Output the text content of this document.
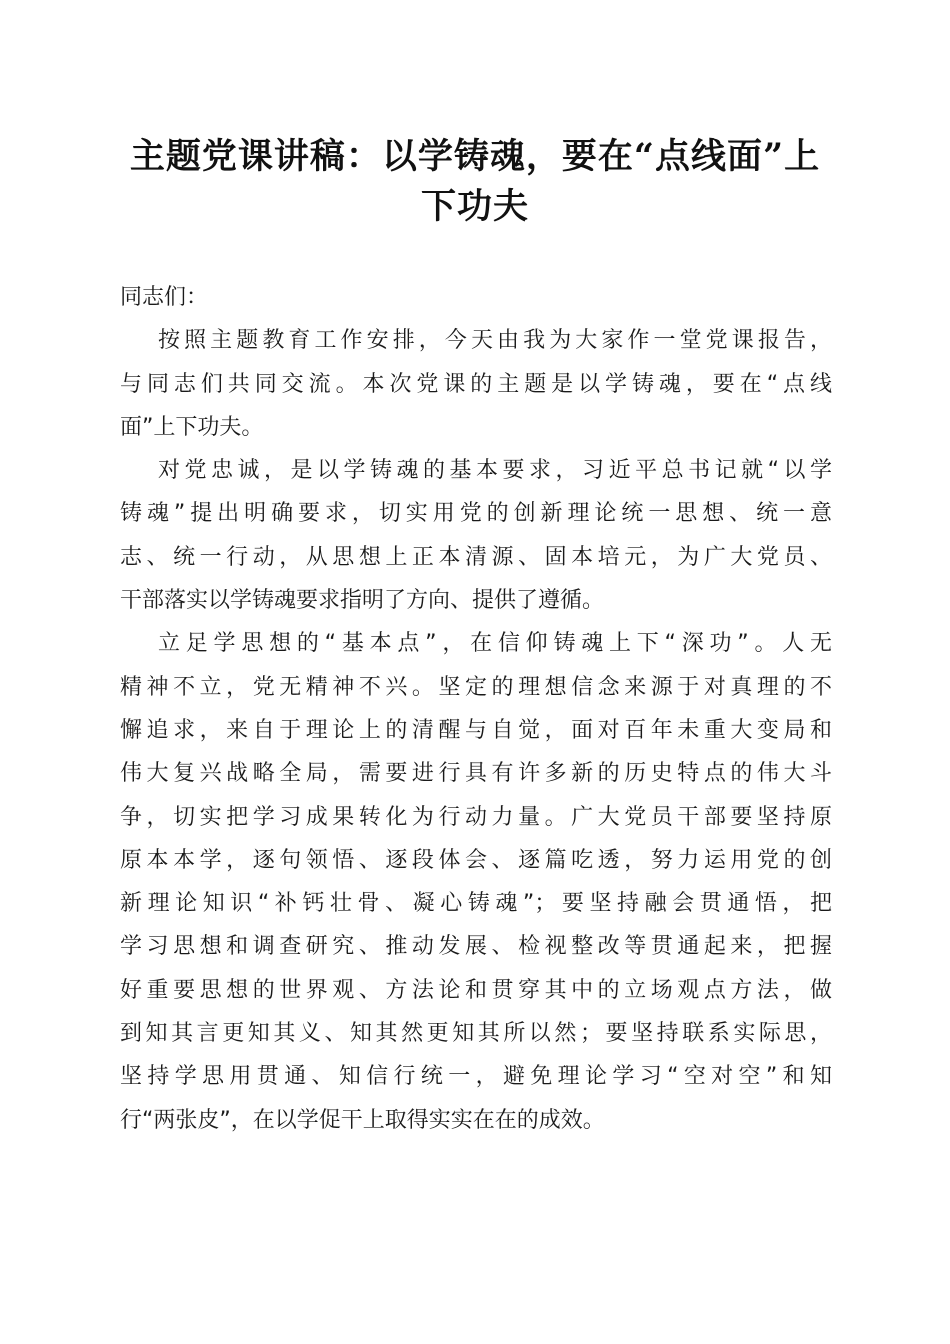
主题党课讲稿：以学铸魂，要在“点线面”上
下功夫
同志们：
按照主题教育工作安排，今天由我为大家作一堂党课报告，
与同志们共同交流。本次党课的主题是以学铸魂，要在“点线
面”上下功夫。
对党忠诚，是以学铸魂的基本要求，习近平总书记就“以学
铸魂”提出明确要求，切实用党的创新理论统一思想、统一意
志、统一行动，从思想上正本清源、固本培元，为广大党员、
干部落实以学铸魂要求指明了方向、提供了遵循。
立足学思想的“基本点”，在信仰铸魂上下“深功”。人无
精神不立，党无精神不兴。坚定的理想信念来源于对真理的不
懈追求，来自于理论上的清醒与自觉，面对百年未重大变局和
伟大复兴战略全局，需要进行具有许多新的历史特点的伟大斗
争，切实把学习成果转化为行动力量。广大党员干部要坚持原
原本本学，逐句领悟、逐段体会、逐篇吃透，努力运用党的创
新理论知识“补钙壮骨、凝心铸魂”；要坚持融会贯通悟，把
学习思想和调查研究、推动发展、检视整改等贯通起来，把握
好重要思想的世界观、方法论和贯穿其中的立场观点方法，做
到知其言更知其义、知其然更知其所以然；要坚持联系实际思，
坚持学思用贯通、知信行统一，避免理论学习“空对空”和知
行“两张皮”，在以学促干上取得实实在在的成效。
